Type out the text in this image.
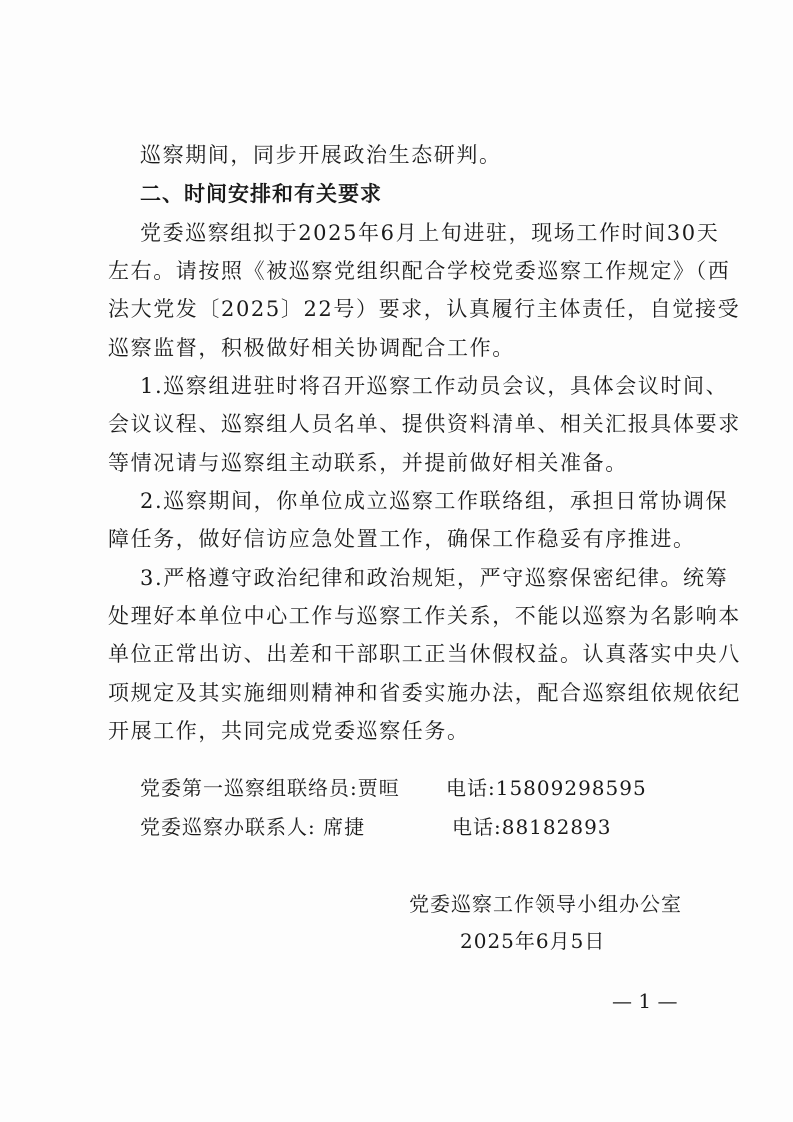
巡察期间，同步开展政治生态研判。
二、时间安排和有关要求
党委巡察组拟于2025年6月上旬进驻，现场工作时间30天
左右。请按照《被巡察党组织配合学校党委巡察工作规定》（西
法大党发〔2025〕22号）要求，认真履行主体责任，自觉接受
巡察监督，积极做好相关协调配合工作。
1.巡察组进驻时将召开巡察工作动员会议，具体会议时间、
会议议程、巡察组人员名单、提供资料清单、相关汇报具体要求
等情况请与巡察组主动联系，并提前做好相关准备。
2.巡察期间，你单位成立巡察工作联络组，承担日常协调保
障任务，做好信访应急处置工作，确保工作稳妥有序推进。
3.严格遵守政治纪律和政治规矩，严守巡察保密纪律。统筹
处理好本单位中心工作与巡察工作关系，不能以巡察为名影响本
单位正常出访、出差和干部职工正当休假权益。认真落实中央八
项规定及其实施细则精神和省委实施办法，配合巡察组依规依纪
开展工作，共同完成党委巡察任务。
党委第一巡察组联络员:贾晅 电话:15809298595
党委巡察办联系人: 席捷	电话:88182893
党委巡察工作领导小组办公室
2025年6月5日
— 1 —
